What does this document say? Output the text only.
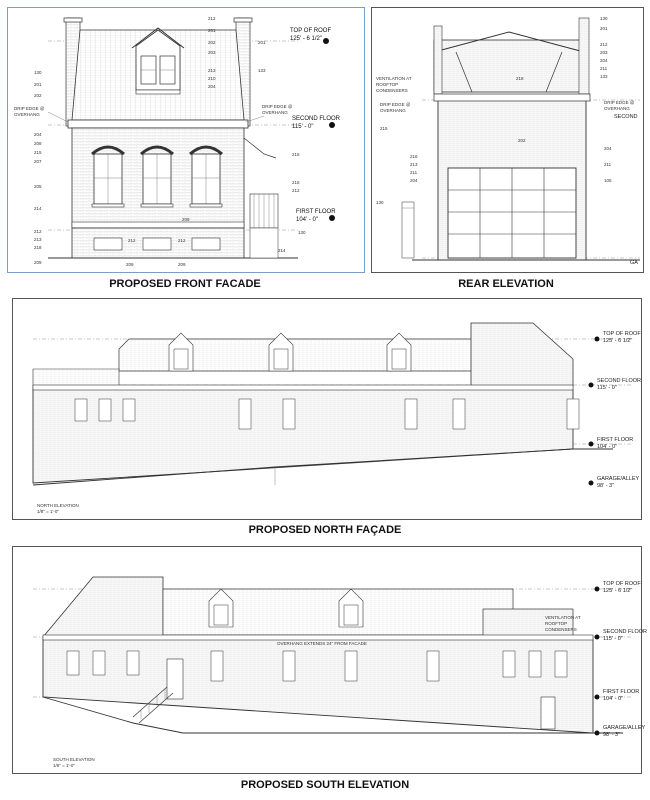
TOP OF ROOF
125' - 6 1/2"
SECOND FLOOR
115' - 0"
FIRST FLOOR
104' - 0"
DRIP EDGE @
OVERHANG
DRIP EDGE @
OVERHANG
130
201
202
204
208
215
207
205
214
212
213
218
209
212
201
202
203
213
210
204
201
133
216
212
215
214
130
209
212	212
209
209
PROPOSED FRONT FACADE
VENTILATION AT
ROOFTOP
CONDENSERS
DRIP EDGE @
OVERHANG
DRIP EDGE @
OVERHANG
SECOND
GA
215
216
213
211
204
130
130
201
212
203
204
211
133
204
211
105
218
202
REAR ELEVATION
TOP OF ROOF
125' - 6 1/2"
SECOND FLOOR
115' - 0"
FIRST FLOOR
104' - 0"
GARAGE/ALLEY
98' - 3"
NORTH ELEVATION
1/8" = 1'-0"
PROPOSED NORTH FAÇADE
OVERHANG EXTENDS 24" FROM FACADE
VENTILATION AT
ROOFTOP
CONDENSERS
TOP OF ROOF
125' - 6 1/2"
SECOND FLOOR
115' - 0"
FIRST FLOOR
104' - 0"
GARAGE/ALLEY
98' - 3"
SOUTH ELEVATION
1/8" = 1'-0"
PROPOSED SOUTH ELEVATION
